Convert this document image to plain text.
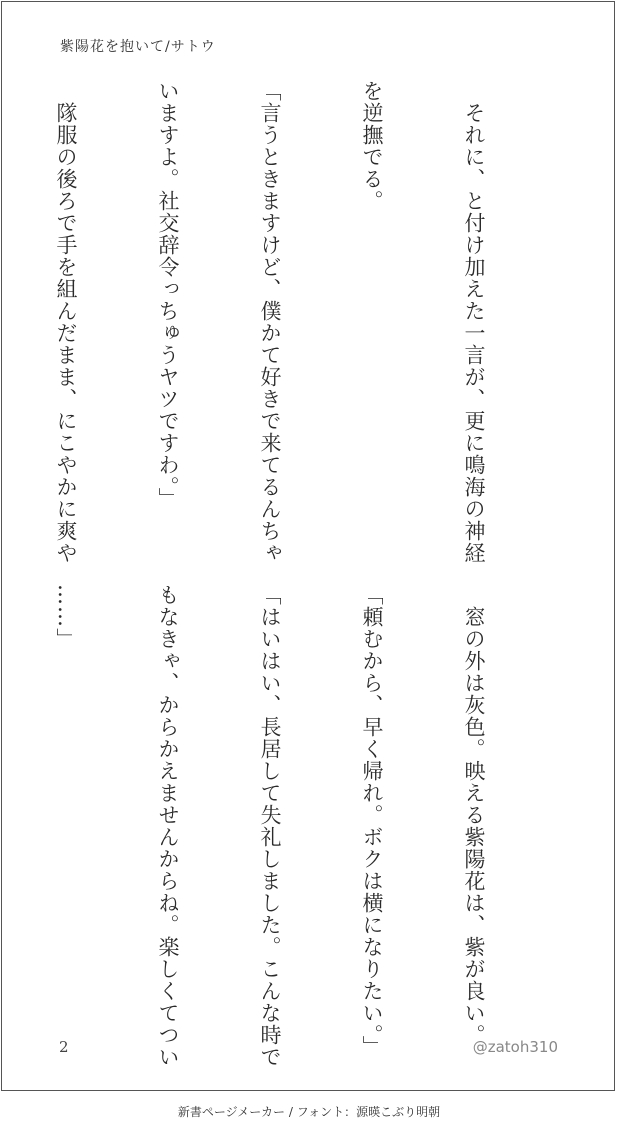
紫陽花を抱いて/サトウ

　それに、と付け加えた一言が、更に鳴海の神経

を逆撫でる。

「言うときますけど、僕かて好きで来てるんちゃ

いますよ。社交辞令っちゅうヤツですわ。」

　隊服の後ろで手を組んだまま、にこやかに爽や

　窓の外は灰色。映える紫陽花は、紫が良い。

「頼むから、早く帰れ。ボクは横になりたい。」

「はいはい、長居して失礼しました。こんな時で

もなきゃ、からかえませんからね。楽しくてつい

……」

2	@zatoh310
新書ページメーカー / フォント：源暎こぶり明朝
